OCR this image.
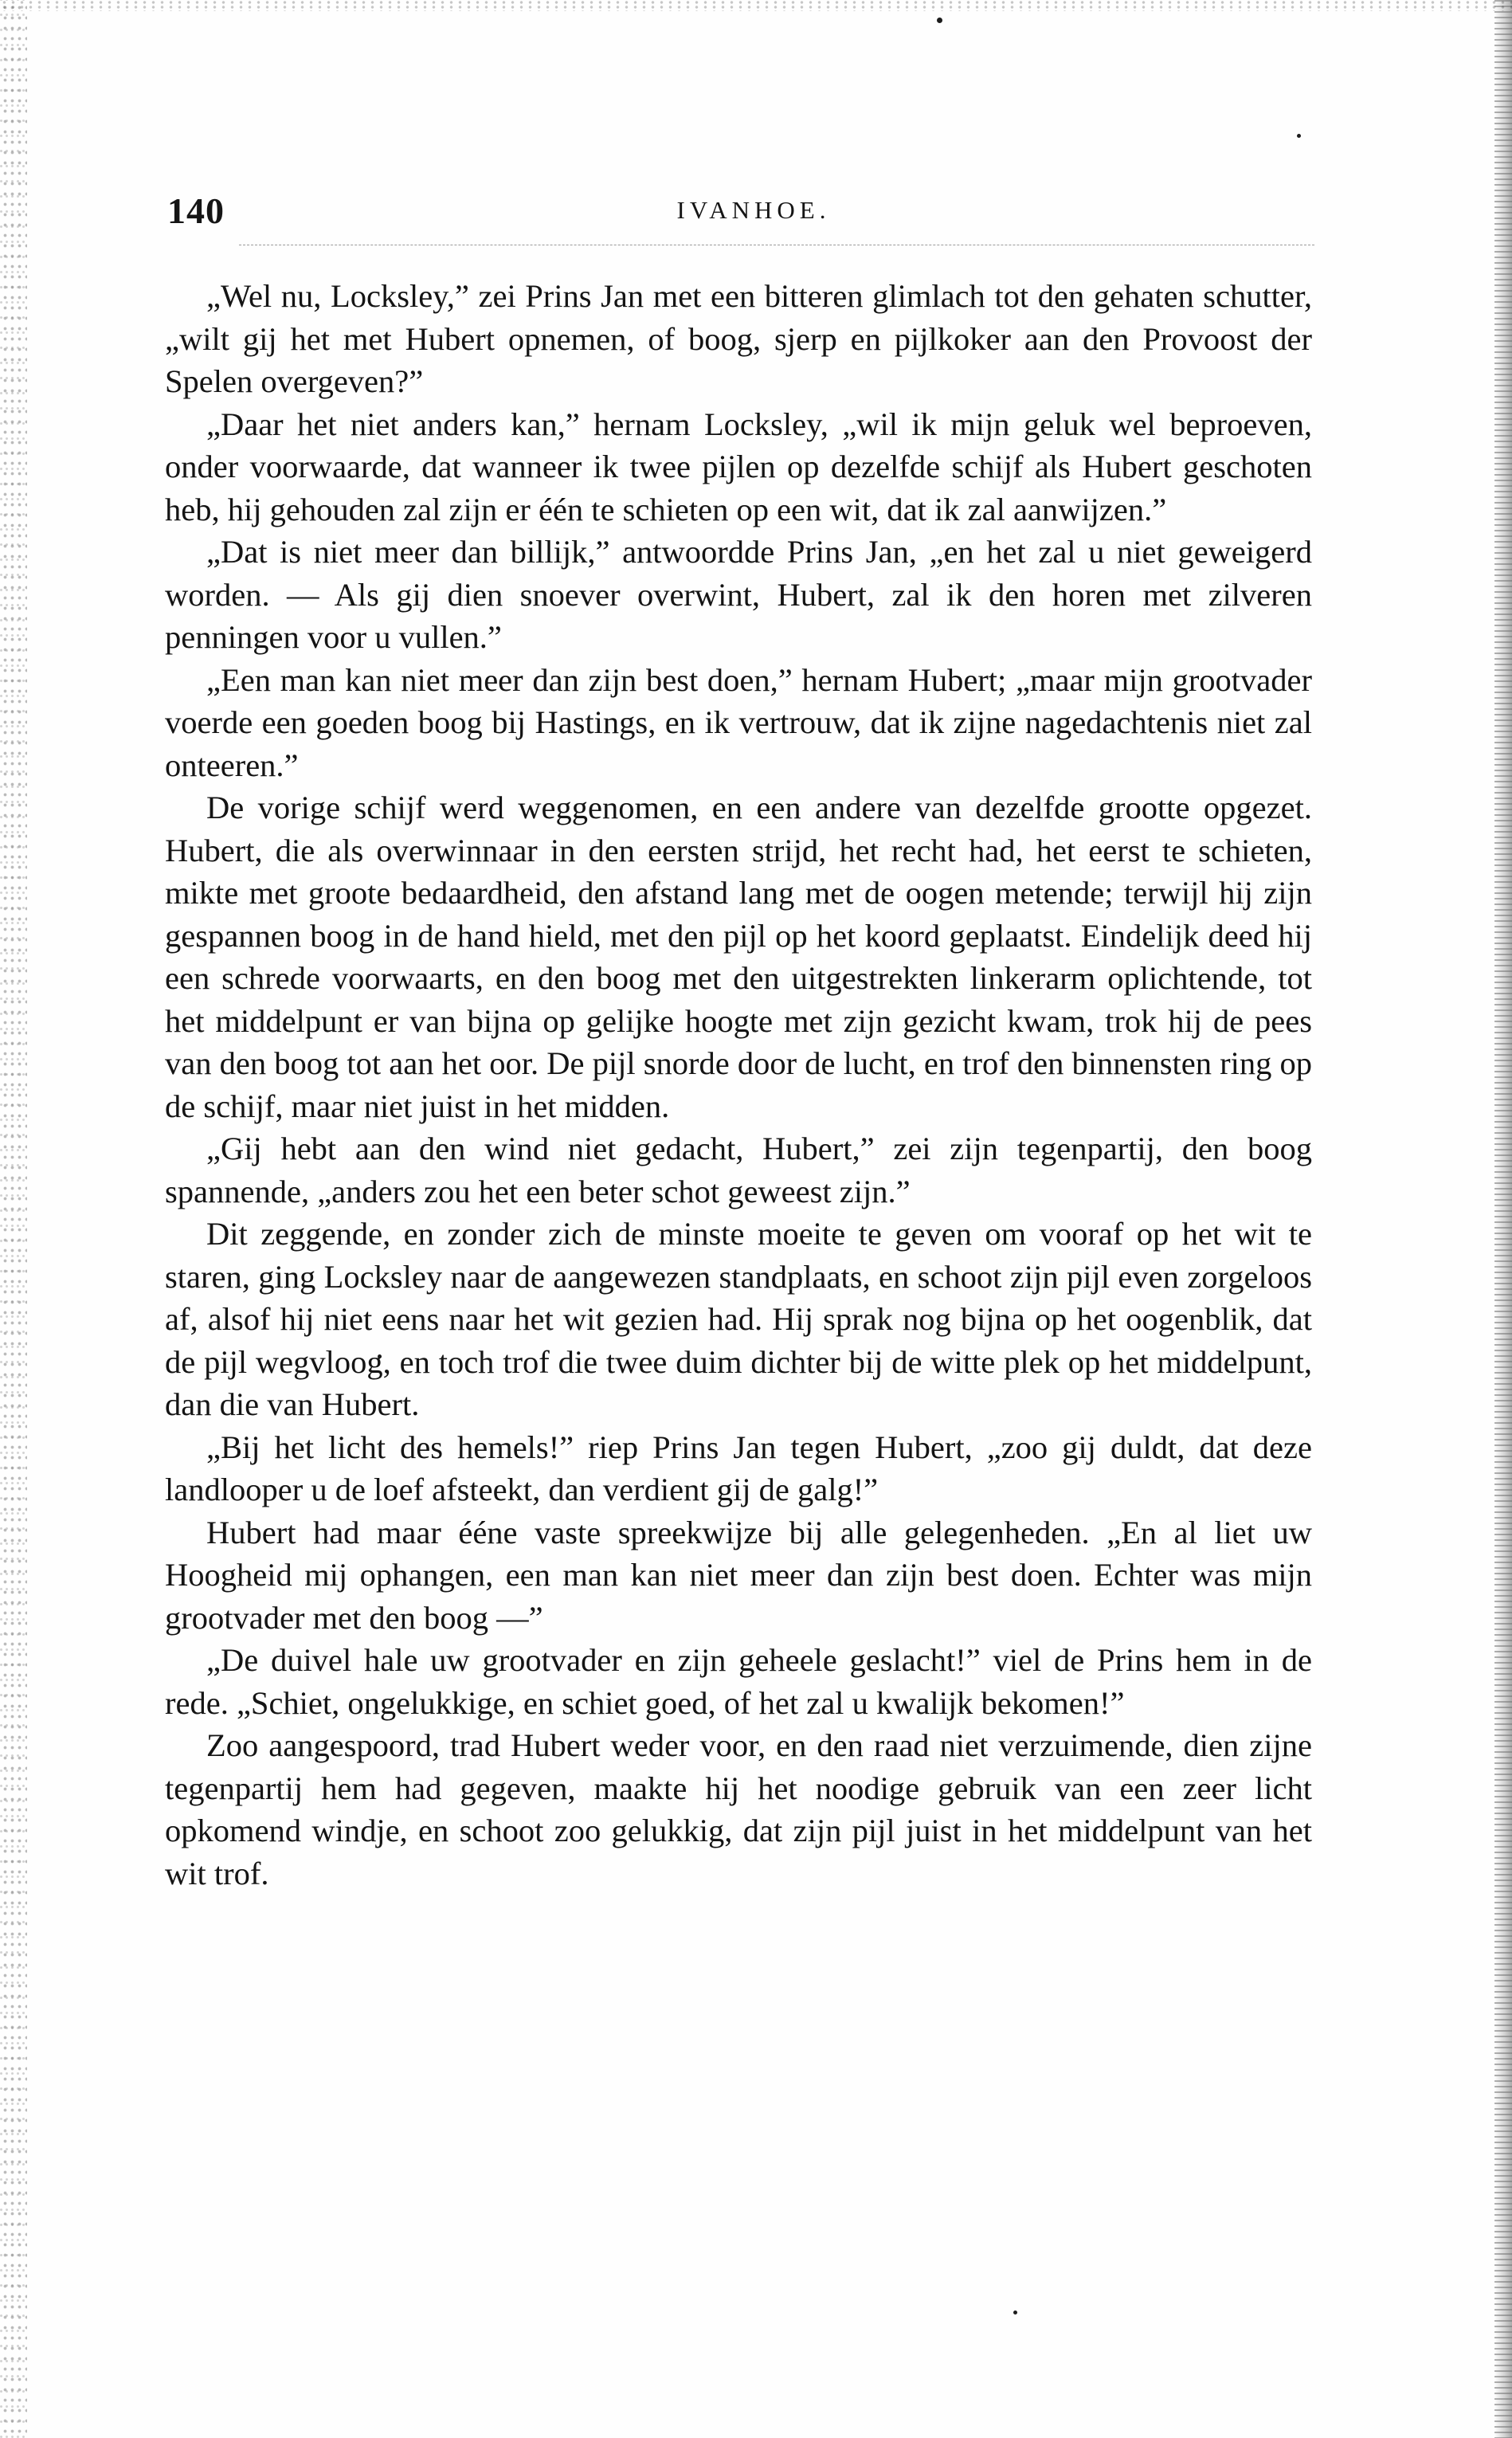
140	IVANHOE.

„Wel nu, Locksley,” zei Prins Jan met een bitteren glimlach tot den gehaten schutter, „wilt gij het met Hubert opnemen, of boog, sjerp en pijlkoker aan den Provoost der Spelen overgeven?”

„Daar het niet anders kan,” hernam Locksley, „wil ik mijn geluk wel beproeven, onder voorwaarde, dat wanneer ik twee pijlen op dezelfde schijf als Hubert geschoten heb, hij gehouden zal zijn er één te schieten op een wit, dat ik zal aanwijzen.”

„Dat is niet meer dan billijk,” antwoordde Prins Jan, „en het zal u niet geweigerd worden. — Als gij dien snoever overwint, Hubert, zal ik den horen met zilveren penningen voor u vullen.”

„Een man kan niet meer dan zijn best doen,” hernam Hubert; „maar mijn grootvader voerde een goeden boog bij Hastings, en ik vertrouw, dat ik zijne nagedachtenis niet zal onteeren.”

De vorige schijf werd weggenomen, en een andere van dezelfde grootte opgezet. Hubert, die als overwinnaar in den eersten strijd, het recht had, het eerst te schieten, mikte met groote bedaardheid, den afstand lang met de oogen metende; terwijl hij zijn gespannen boog in de hand hield, met den pijl op het koord geplaatst. Eindelijk deed hij een schrede voorwaarts, en den boog met den uitgestrekten linkerarm oplichtende, tot het middelpunt er van bijna op gelijke hoogte met zijn gezicht kwam, trok hij de pees van den boog tot aan het oor. De pijl snorde door de lucht, en trof den binnensten ring op de schijf, maar niet juist in het midden.

„Gij hebt aan den wind niet gedacht, Hubert,” zei zijn tegenpartij, den boog spannende, „anders zou het een beter schot geweest zijn.”

Dit zeggende, en zonder zich de minste moeite te geven om vooraf op het wit te staren, ging Locksley naar de aangewezen standplaats, en schoot zijn pijl even zorgeloos af, alsof hij niet eens naar het wit gezien had. Hij sprak nog bijna op het oogenblik, dat de pijl wegvloog, en toch trof die twee duim dichter bij de witte plek op het middelpunt, dan die van Hubert.

„Bij het licht des hemels!” riep Prins Jan tegen Hubert, „zoo gij duldt, dat deze landlooper u de loef afsteekt, dan verdient gij de galg!”

Hubert had maar ééne vaste spreekwijze bij alle gelegenheden. „En al liet uw Hoogheid mij ophangen, een man kan niet meer dan zijn best doen. Echter was mijn grootvader met den boog —”

„De duivel hale uw grootvader en zijn geheele geslacht!” viel de Prins hem in de rede. „Schiet, ongelukkige, en schiet goed, of het zal u kwalijk bekomen!”

Zoo aangespoord, trad Hubert weder voor, en den raad niet verzuimende, dien zijne tegenpartij hem had gegeven, maakte hij het noodige gebruik van een zeer licht opkomend windje, en schoot zoo gelukkig, dat zijn pijl juist in het middelpunt van het wit trof.
